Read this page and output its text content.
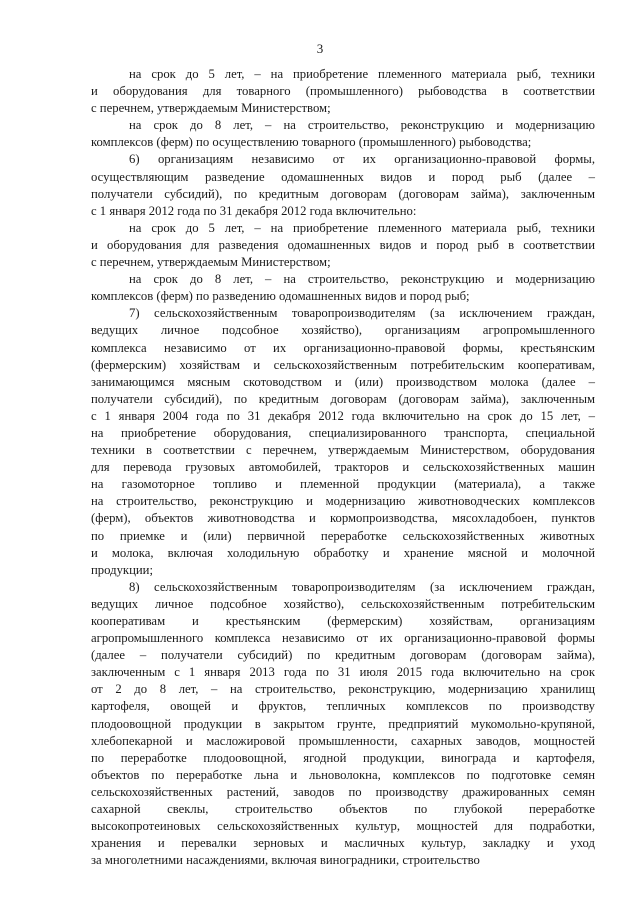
3
на срок до 5 лет, – на приобретение племенного материала рыб, техники
и оборудования для товарного (промышленного) рыбоводства в соответствии
с перечнем, утверждаемым Министерством;
на срок до 8 лет, – на строительство, реконструкцию и модернизацию
комплексов (ферм) по осуществлению товарного (промышленного) рыбоводства;
6) организациям независимо от их организационно-правовой формы,
осуществляющим разведение одомашненных видов и пород рыб (далее –
получатели субсидий), по кредитным договорам (договорам займа), заключенным
с 1 января 2012 года по 31 декабря 2012 года включительно:
на срок до 5 лет, – на приобретение племенного материала рыб, техники
и оборудования для разведения одомашненных видов и пород рыб в соответствии
с перечнем, утверждаемым Министерством;
на срок до 8 лет, – на строительство, реконструкцию и модернизацию
комплексов (ферм) по разведению одомашненных видов и пород рыб;
7) сельскохозяйственным товаропроизводителям (за исключением граждан,
ведущих личное подсобное хозяйство), организациям агропромышленного
комплекса независимо от их организационно-правовой формы, крестьянским
(фермерским) хозяйствам и сельскохозяйственным потребительским кооперативам,
занимающимся мясным скотоводством и (или) производством молока (далее –
получатели субсидий), по кредитным договорам (договорам займа), заключенным
с 1 января 2004 года по 31 декабря 2012 года включительно на срок до 15 лет, –
на приобретение оборудования, специализированного транспорта, специальной
техники в соответствии с перечнем, утверждаемым Министерством, оборудования
для перевода грузовых автомобилей, тракторов и сельскохозяйственных машин
на газомоторное топливо и племенной продукции (материала), а также
на строительство, реконструкцию и модернизацию животноводческих комплексов
(ферм), объектов животноводства и кормопроизводства, мясохладобоен, пунктов
по приемке и (или) первичной переработке сельскохозяйственных животных
и молока, включая холодильную обработку и хранение мясной и молочной
продукции;
8) сельскохозяйственным товаропроизводителям (за исключением граждан,
ведущих личное подсобное хозяйство), сельскохозяйственным потребительским
кооперативам и крестьянским (фермерским) хозяйствам, организациям
агропромышленного комплекса независимо от их организационно-правовой формы
(далее – получатели субсидий) по кредитным договорам (договорам займа),
заключенным с 1 января 2013 года по 31 июля 2015 года включительно на срок
от 2 до 8 лет, – на строительство, реконструкцию, модернизацию хранилищ
картофеля, овощей и фруктов, тепличных комплексов по производству
плодоовощной продукции в закрытом грунте, предприятий мукомольно-крупяной,
хлебопекарной и масложировой промышленности, сахарных заводов, мощностей
по переработке плодоовощной, ягодной продукции, винограда и картофеля,
объектов по переработке льна и льноволокна, комплексов по подготовке семян
сельскохозяйственных растений, заводов по производству дражированных семян
сахарной свеклы, строительство объектов по глубокой переработке
высокопротеиновых сельскохозяйственных культур, мощностей для подработки,
хранения и перевалки зерновых и масличных культур, закладку и уход
за многолетними насаждениями, включая виноградники, строительство
